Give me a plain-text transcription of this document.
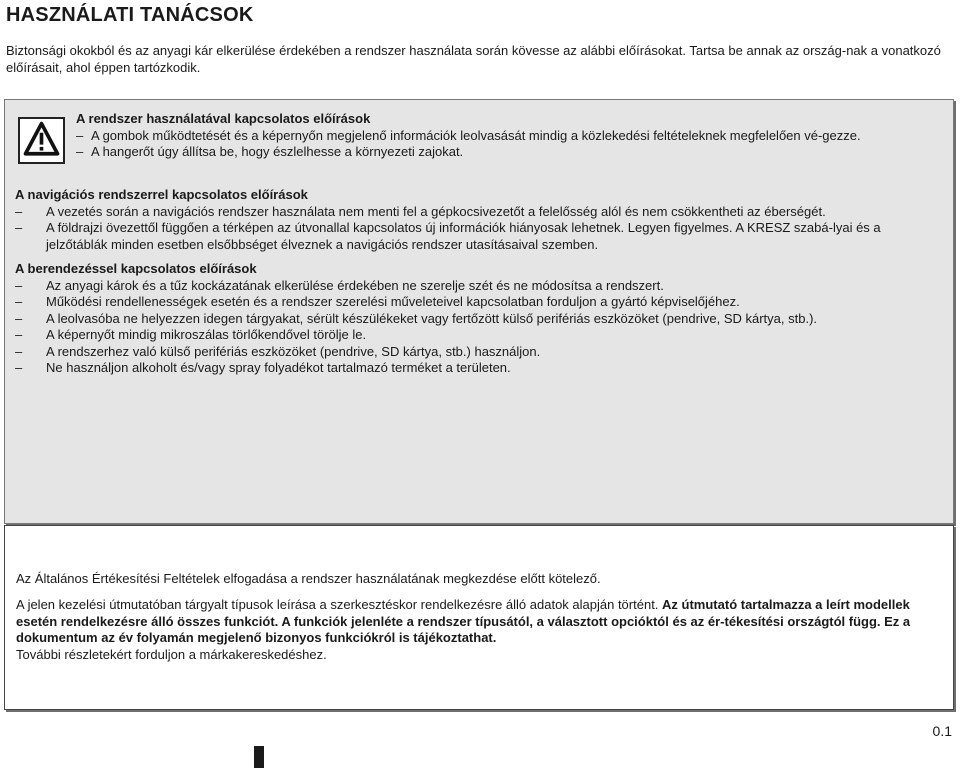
HASZNÁLATI TANÁCSOK
Biztonsági okokból és az anyagi kár elkerülése érdekében a rendszer használata során kövesse az alábbi előírásokat. Tartsa be annak az ország-nak a vonatkozó előírásait, ahol éppen tartózkodik.
A rendszer használatával kapcsolatos előírások
– A gombok működtetését és a képernyőn megjelenő információk leolvasását mindig a közlekedési feltételeknek megfelelően vé-gezze.
– A hangerőt úgy állítsa be, hogy észlelhesse a környezeti zajokat.
A navigációs rendszerrel kapcsolatos előírások
– A vezetés során a navigációs rendszer használata nem menti fel a gépkocsivezetőt a felelősség alól és nem csökkentheti az éberségét.
– A földrajzi övezettől függően a térképen az útvonallal kapcsolatos új információk hiányosak lehetnek. Legyen figyelmes. A KRESZ szabá-lyai és a jelzőtáblák minden esetben elsőbbséget élveznek a navigációs rendszer utasításaival szemben.
A berendezéssel kapcsolatos előírások
– Az anyagi károk és a tűz kockázatának elkerülése érdekében ne szerelje szét és ne módosítsa a rendszert.
– Működési rendellenességek esetén és a rendszer szerelési műveleteivel kapcsolatban forduljon a gyártó képviselőjéhez.
– A leolvasóba ne helyezzen idegen tárgyakat, sérült készülékeket vagy fertőzött külső perifériás eszközöket (pendrive, SD kártya, stb.).
– A képernyőt mindig mikroszálas törlőkendővel törölje le.
– A rendszerhez való külső perifériás eszközöket (pendrive, SD kártya, stb.) használjon.
– Ne használjon alkoholt és/vagy spray folyadékot tartalmazó terméket a területen.

Az Általános Értékesítési Feltételek elfogadása a rendszer használatának megkezdése előtt kötelező.

A jelen kezelési útmutatóban tárgyalt típusok leírása a szerkesztéskor rendelkezésre álló adatok alapján történt. Az útmutató tartalmazza a leírt modellek esetén rendelkezésre álló összes funkciót. A funkciók jelenléte a rendszer típusától, a választott opcióktól és az ér-tékesítési országtól függ. Ez a dokumentum az év folyamán megjelenő bizonyos funkciókról is tájékoztathat.
További részletekért forduljon a márkakereskedéshez.

0.1
